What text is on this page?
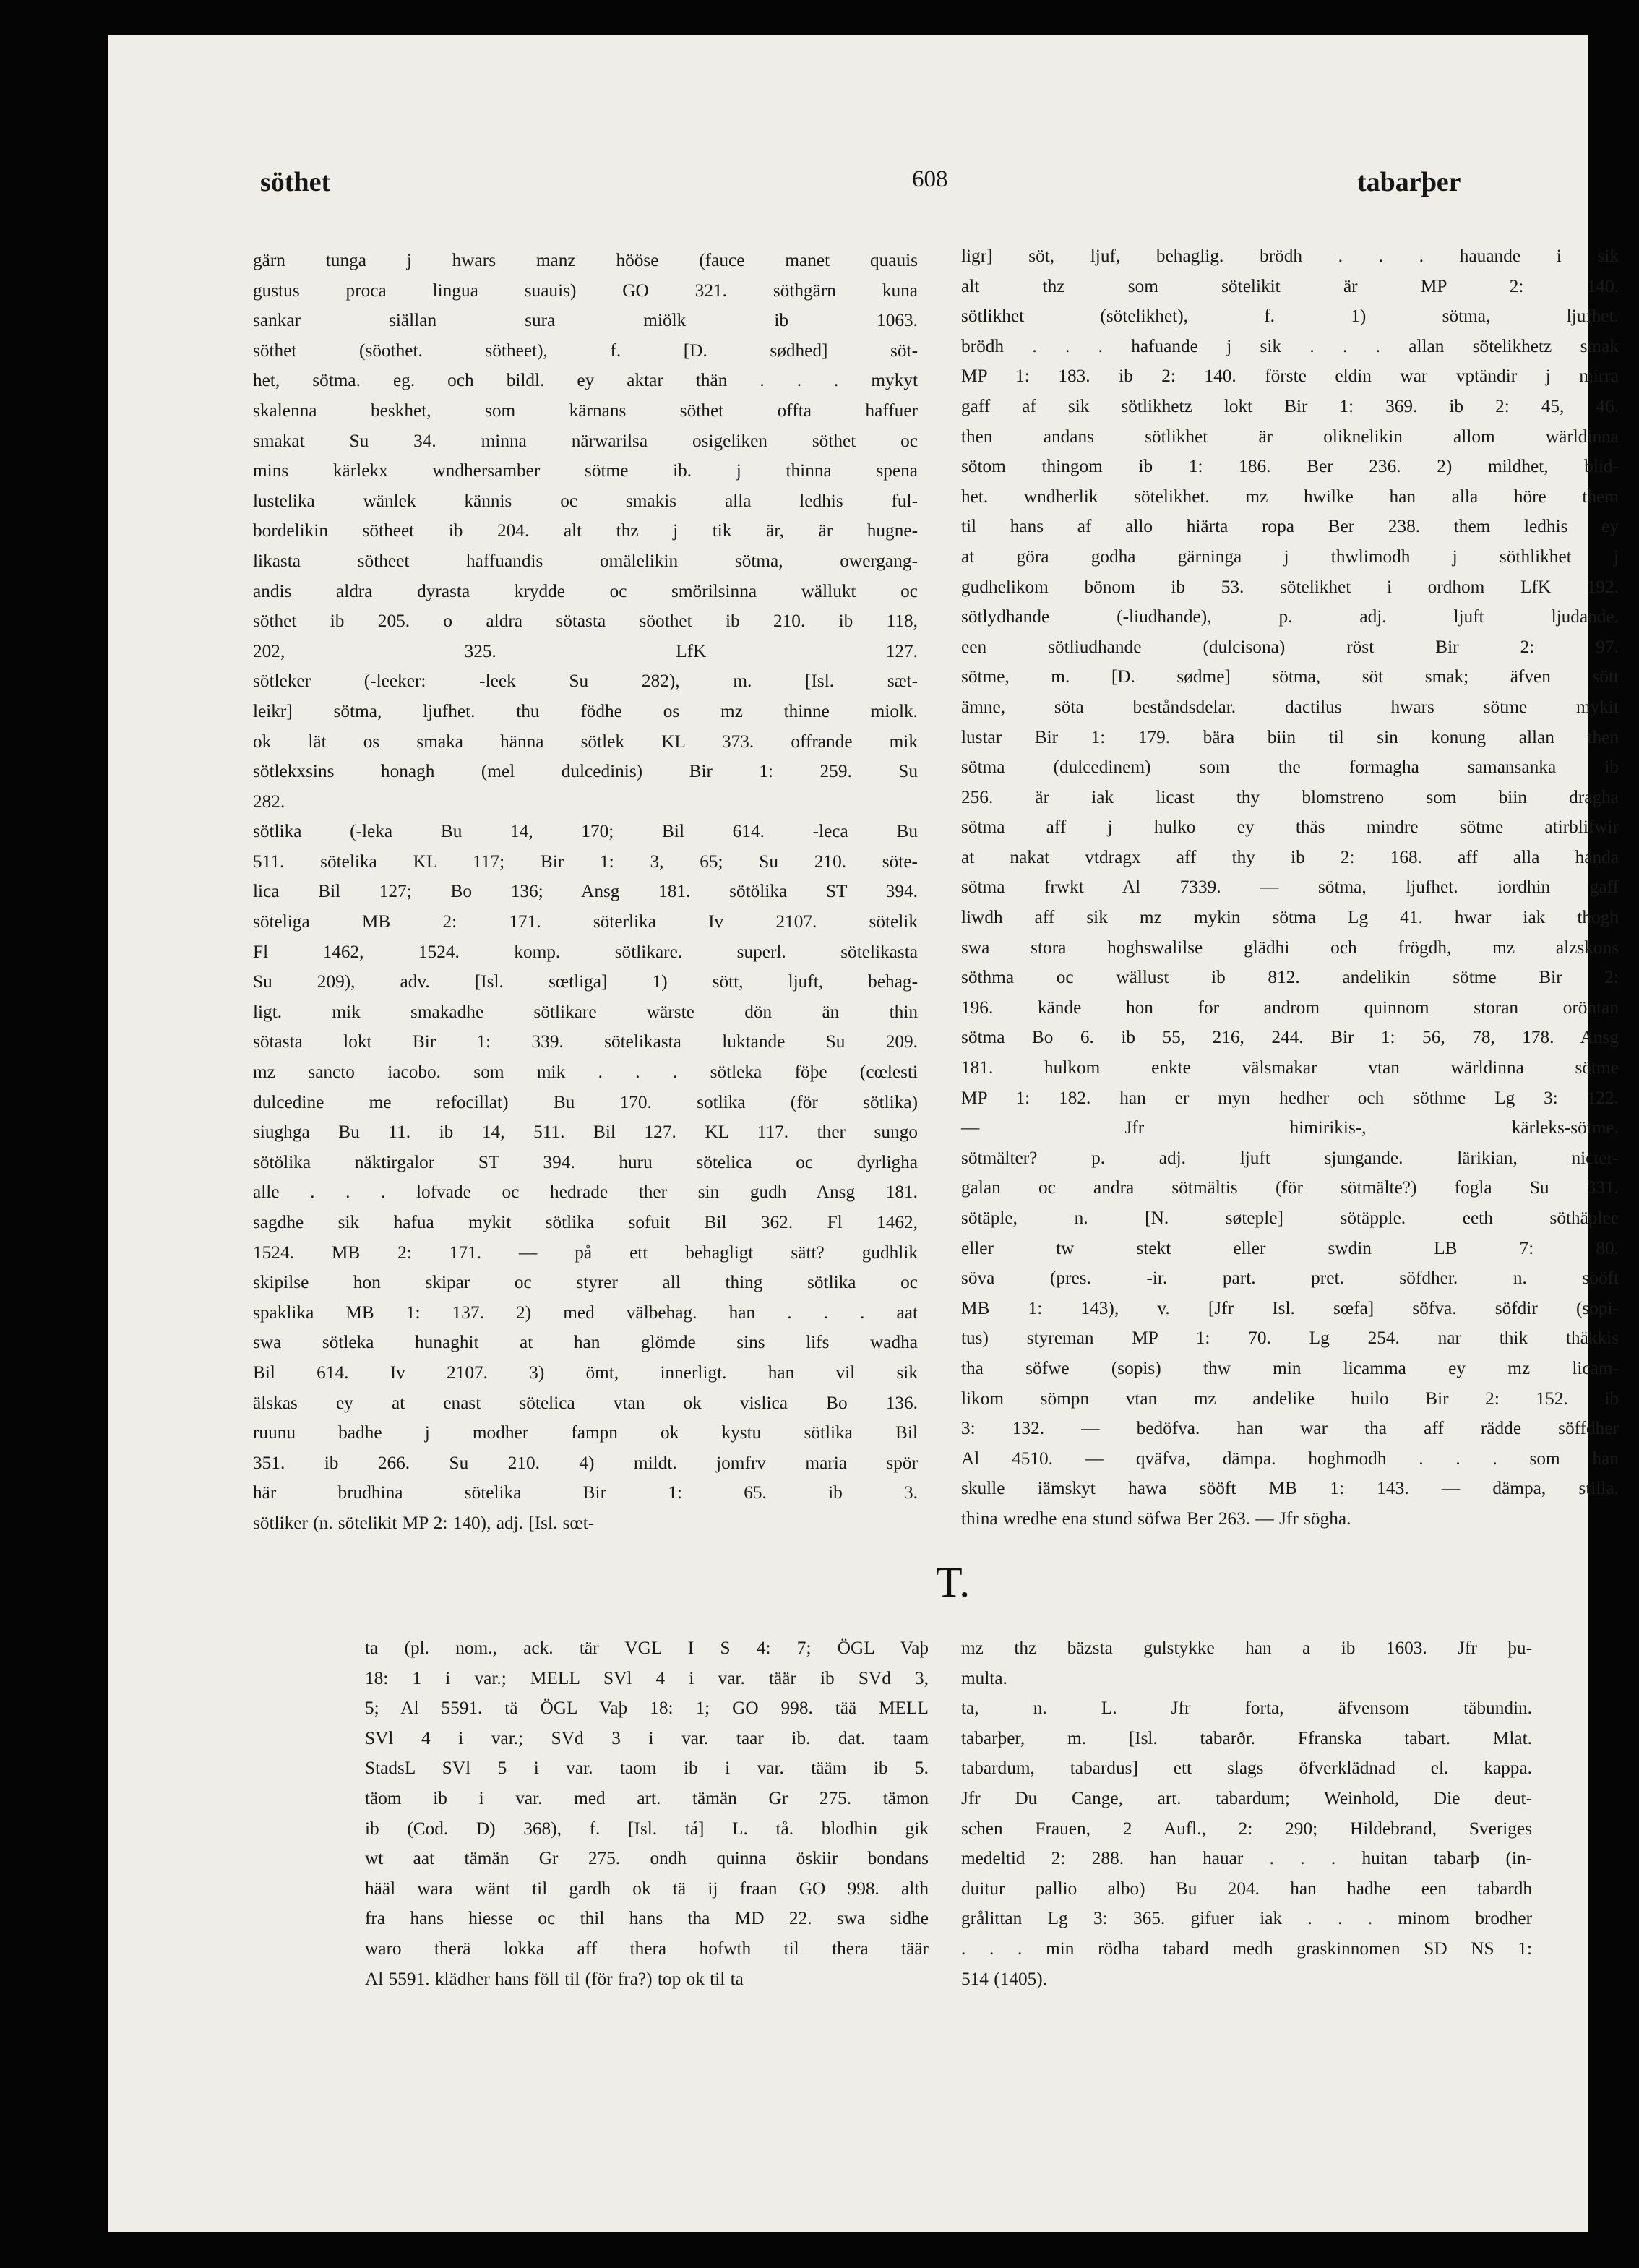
söthet	608	tabarþer

gärn tunga j hwars manz hööse (fauce manet quauis

gustus proca lingua suauis) GO 321. söthgärn kuna

sankar siällan sura miölk ib 1063.

söthet (söothet. sötheet), f. [D. sødhed] söt-

het, sötma. eg. och bildl. ey aktar thän . . . mykyt

skalenna beskhet, som kärnans söthet offta haffuer

smakat Su 34. minna närwarilsa osigeliken söthet oc

mins kärlekx wndhersamber sötme ib. j thinna spena

lustelika wänlek kännis oc smakis alla ledhis ful-

bordelikin sötheet ib 204. alt thz j tik är, är hugne-

likasta sötheet haffuandis omälelikin sötma, owergang-

andis aldra dyrasta krydde oc smörilsinna wällukt oc

söthet ib 205. o aldra sötasta söothet ib 210. ib 118,

202, 325. LfK 127.

sötleker (-leeker: -leek Su 282), m. [Isl. sæt-

leikr] sötma, ljufhet. thu födhe os mz thinne miolk.

ok lät os smaka hänna sötlek KL 373. offrande mik

sötlekxsins honagh (mel dulcedinis) Bir 1: 259. Su

282.

sötlika (-leka Bu 14, 170; Bil 614. -leca Bu

511. sötelika KL 117; Bir 1: 3, 65; Su 210. söte-

lica Bil 127; Bo 136; Ansg 181. sötölika ST 394.

söteliga MB 2: 171. söterlika Iv 2107. sötelik

Fl 1462, 1524. komp. sötlikare. superl. sötelikasta

Su 209), adv. [Isl. sœtliga] 1) sött, ljuft, behag-

ligt. mik smakadhe sötlikare wärste dön än thin

sötasta lokt Bir 1: 339. sötelikasta luktande Su 209.

mz sancto iacobo. som mik . . . sötleka föþe (cœlesti

dulcedine me refocillat) Bu 170. sotlika (för sötlika)

siughga Bu 11. ib 14, 511. Bil 127. KL 117. ther sungo

sötölika näktirgalor ST 394. huru sötelica oc dyrligha

alle . . . lofvade oc hedrade ther sin gudh Ansg 181.

sagdhe sik hafua mykit sötlika sofuit Bil 362. Fl 1462,

1524. MB 2: 171. — på ett behagligt sätt? gudhlik

skipilse hon skipar oc styrer all thing sötlika oc

spaklika MB 1: 137. 2) med välbehag. han . . . aat

swa sötleka hunaghit at han glömde sins lifs wadha

Bil 614. Iv 2107. 3) ömt, innerligt. han vil sik

älskas ey at enast sötelica vtan ok vislica Bo 136.

ruunu badhe j modher fampn ok kystu sötlika Bil

351. ib 266. Su 210. 4) mildt. jomfrv maria spör

här brudhina sötelika Bir 1: 65. ib 3.

sötliker (n. sötelikit MP 2: 140), adj. [Isl. sœt-

ligr] söt, ljuf, behaglig. brödh . . . hauande i sik

alt thz som sötelikit är MP 2: 140.

sötlikhet (sötelikhet), f. 1) sötma, ljufhet.

brödh . . . hafuande j sik . . . allan sötelikhetz smak

MP 1: 183. ib 2: 140. förste eldin war vptändir j mirra

gaff af sik sötlikhetz lokt Bir 1: 369. ib 2: 45, 46.

then andans sötlikhet är oliknelikin allom wärldinna

sötom thingom ib 1: 186. Ber 236. 2) mildhet, blid-

het. wndherlik sötelikhet. mz hwilke han alla höre them

til hans af allo hiärta ropa Ber 238. them ledhis ey

at göra godha gärninga j thwlimodh j söthlikhet j

gudhelikom bönom ib 53. sötelikhet i ordhom LfK 192.

sötlydhande (-liudhande), p. adj. ljuft ljudande.

een sötliudhande (dulcisona) röst Bir 2: 97.

sötme, m. [D. sødme] sötma, söt smak; äfven sött

ämne, söta beståndsdelar. dactilus hwars sötme mykit

lustar Bir 1: 179. bära biin til sin konung allan then

sötma (dulcedinem) som the formagha samansanka ib

256. är iak licast thy blomstreno som biin dragha

sötma aff j hulko ey thäs mindre sötme atirblifwir

at nakat vtdragx aff thy ib 2: 168. aff alla handa

sötma frwkt Al 7339. — sötma, ljufhet. iordhin gaff

liwdh aff sik mz mykin sötma Lg 41. hwar iak thogh

swa stora hoghswalilse glädhi och frögdh, mz alzskons

söthma oc wällust ib 812. andelikin sötme Bir 2:

196. kände hon for androm quinnom storan oröntan

sötma Bo 6. ib 55, 216, 244. Bir 1: 56, 78, 178. Ansg

181. hulkom enkte välsmakar vtan wärldinna sötme

MP 1: 182. han er myn hedher och söthme Lg 3: 122.

— Jfr himirikis-, kärleks-sötme.

sötmälter? p. adj. ljuft sjungande. lärikian, nicter-

galan oc andra sötmältis (för sötmälte?) fogla Su 331.

sötäple, n. [N. søteple] sötäpple. eeth söthäplee

eller tw stekt eller swdin LB 7: 80.

söva (pres. -ir. part. pret. söfdher. n. sööft

MB 1: 143), v. [Jfr Isl. sœfa] söfva. söfdir (sopi-

tus) styreman MP 1: 70. Lg 254. nar thik thäkkis

tha söfwe (sopis) thw min licamma ey mz licam-

likom sömpn vtan mz andelike huilo Bir 2: 152. ib

3: 132. — bedöfva. han war tha aff rädde söffdher

Al 4510. — qväfva, dämpa. hoghmodh . . . som han

skulle iämskyt hawa sööft MB 1: 143. — dämpa, stilla.

thina wredhe ena stund söfwa Ber 263. — Jfr sögha.

T.

ta (pl. nom., ack. tär VGL I S 4: 7; ÖGL Vaþ

18: 1 i var.; MELL SVl 4 i var. täär ib SVd 3,

5; Al 5591. tä ÖGL Vaþ 18: 1; GO 998. tää MELL

SVl 4 i var.; SVd 3 i var. taar ib. dat. taam

StadsL SVl 5 i var. taom ib i var. tääm ib 5.

täom ib i var. med art. tämän Gr 275. tämon

ib (Cod. D) 368), f. [Isl. tá] L. tå. blodhin gik

wt aat tämän Gr 275. ondh quinna öskiir bondans

hääl wara wänt til gardh ok tä ij fraan GO 998. alth

fra hans hiesse oc thil hans tha MD 22. swa sidhe

waro therä lokka aff thera hofwth til thera täär

Al 5591. klädher hans föll til (för fra?) top ok til ta

mz thz bäzsta gulstykke han a ib 1603. Jfr þu-

multa.

ta, n. L. Jfr forta, äfvensom täbundin.

tabarþer, m. [Isl. tabarðr. Ffranska tabart. Mlat.

tabardum, tabardus] ett slags öfverklädnad el. kappa.

Jfr Du Cange, art. tabardum; Weinhold, Die deut-

schen Frauen, 2 Aufl., 2: 290; Hildebrand, Sveriges

medeltid 2: 288. han hauar . . . huitan tabarþ (in-

duitur pallio albo) Bu 204. han hadhe een tabardh

grålittan Lg 3: 365. gifuer iak . . . minom brodher

. . . min rödha tabard medh graskinnomen SD NS 1:

514 (1405).
